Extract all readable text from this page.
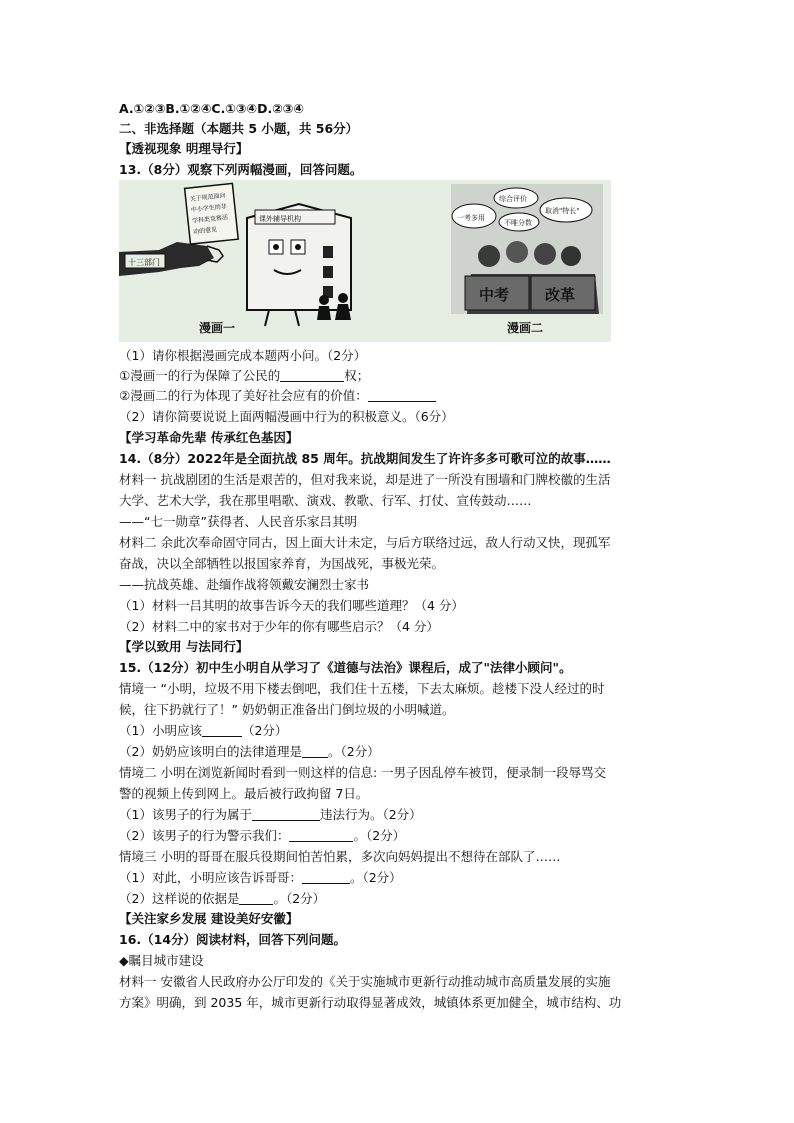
A.①②③B.①②④C.①③④D.②③④
二、非选择题（本题共 5 小题，共 56分）
【透视现象 明理导行】
13.（8分）观察下列两幅漫画，回答问题。
十三部门
关于规范面向
中小学生的非
学科类竞赛活
动的意见
课外辅导机构
漫画一
一考多用
综合评价
不唯分数
取消"特长"
中考 改革
漫画二
（1）请你根据漫画完成本题两小问。（2分）
①漫画一的行为保障了公民的	权；
②漫画二的行为体现了美好社会应有的价值：
（2）请你简要说说上面两幅漫画中行为的积极意义。（6分）
【学习革命先辈 传承红色基因】
14.（8分）2022年是全面抗战 85 周年。抗战期间发生了许许多多可歌可泣的故事……
材料一 抗战剧团的生活是艰苦的，但对我来说，却是进了一所没有围墙和门牌校徽的生活
大学、艺术大学，我在那里唱歌、演戏、教歌、行军、打仗、宣传鼓动……
——“七一勋章”获得者、人民音乐家吕其明
材料二 余此次奉命固守同古，因上面大计未定，与后方联络过远，敌人行动又快，现孤军
奋战，决以全部牺牲以报国家养育，为国战死，事极光荣。
——抗战英雄、赴缅作战将领戴安澜烈士家书
（1）材料一吕其明的故事告诉今天的我们哪些道理？（4 分）
（2）材料二中的家书对于少年的你有哪些启示？（4 分）
【学以致用 与法同行】
15.（12分）初中生小明自从学习了《道德与法治》课程后，成了"法律小顾问"。
情境一 “小明，垃圾不用下楼去倒吧，我们住十五楼，下去太麻烦。趁楼下没人经过的时
候，往下扔就行了！” 奶奶朝正准备出门倒垃圾的小明喊道。
（1）小明应该	（2分）
（2）奶奶应该明白的法律道理是 。（2分）
情境二 小明在浏览新闻时看到一则这样的信息: 一男子因乱停车被罚，便录制一段辱骂交
警的视频上传到网上。最后被行政拘留 7日。
（1）该男子的行为属于	违法行为。（2分）
（2）该男子的行为警示我们：	。（2分）
情境三 小明的哥哥在服兵役期间怕苦怕累，多次向妈妈提出不想待在部队了……
（1）对此，小明应该告诉哥哥：	。（2分）
（2）这样说的依据是	。（2分）
【关注家乡发展 建设美好安徽】
16.（14分）阅读材料，回答下列问题。
◆瞩目城市建设
材料一 安徽省人民政府办公厅印发的《关于实施城市更新行动推动城市高质量发展的实施
方案》明确，到 2035 年，城市更新行动取得显著成效，城镇体系更加健全，城市结构、功
